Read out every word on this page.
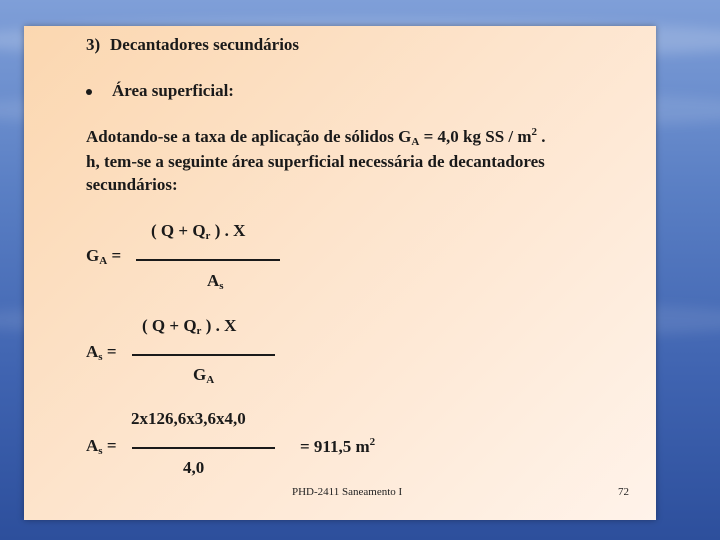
3) Decantadores secundários
Área superficial:
Adotando-se a taxa de aplicação de sólidos $G_A = 4,0$ kg SS / $m^2$ .
h, tem-se a seguinte área superficial necessária de decantadores
secundários:
( $Q + Q_r$ ) . X
$G_A$ =
$A_s$
( $Q + Q_r$ ) . X
$A_s$ =
$G_A$
2x126,6x3,6x4,0
$A_s$ =	= 911,5 $m^2$
4,0
PHD-2411 Saneamento I	72
